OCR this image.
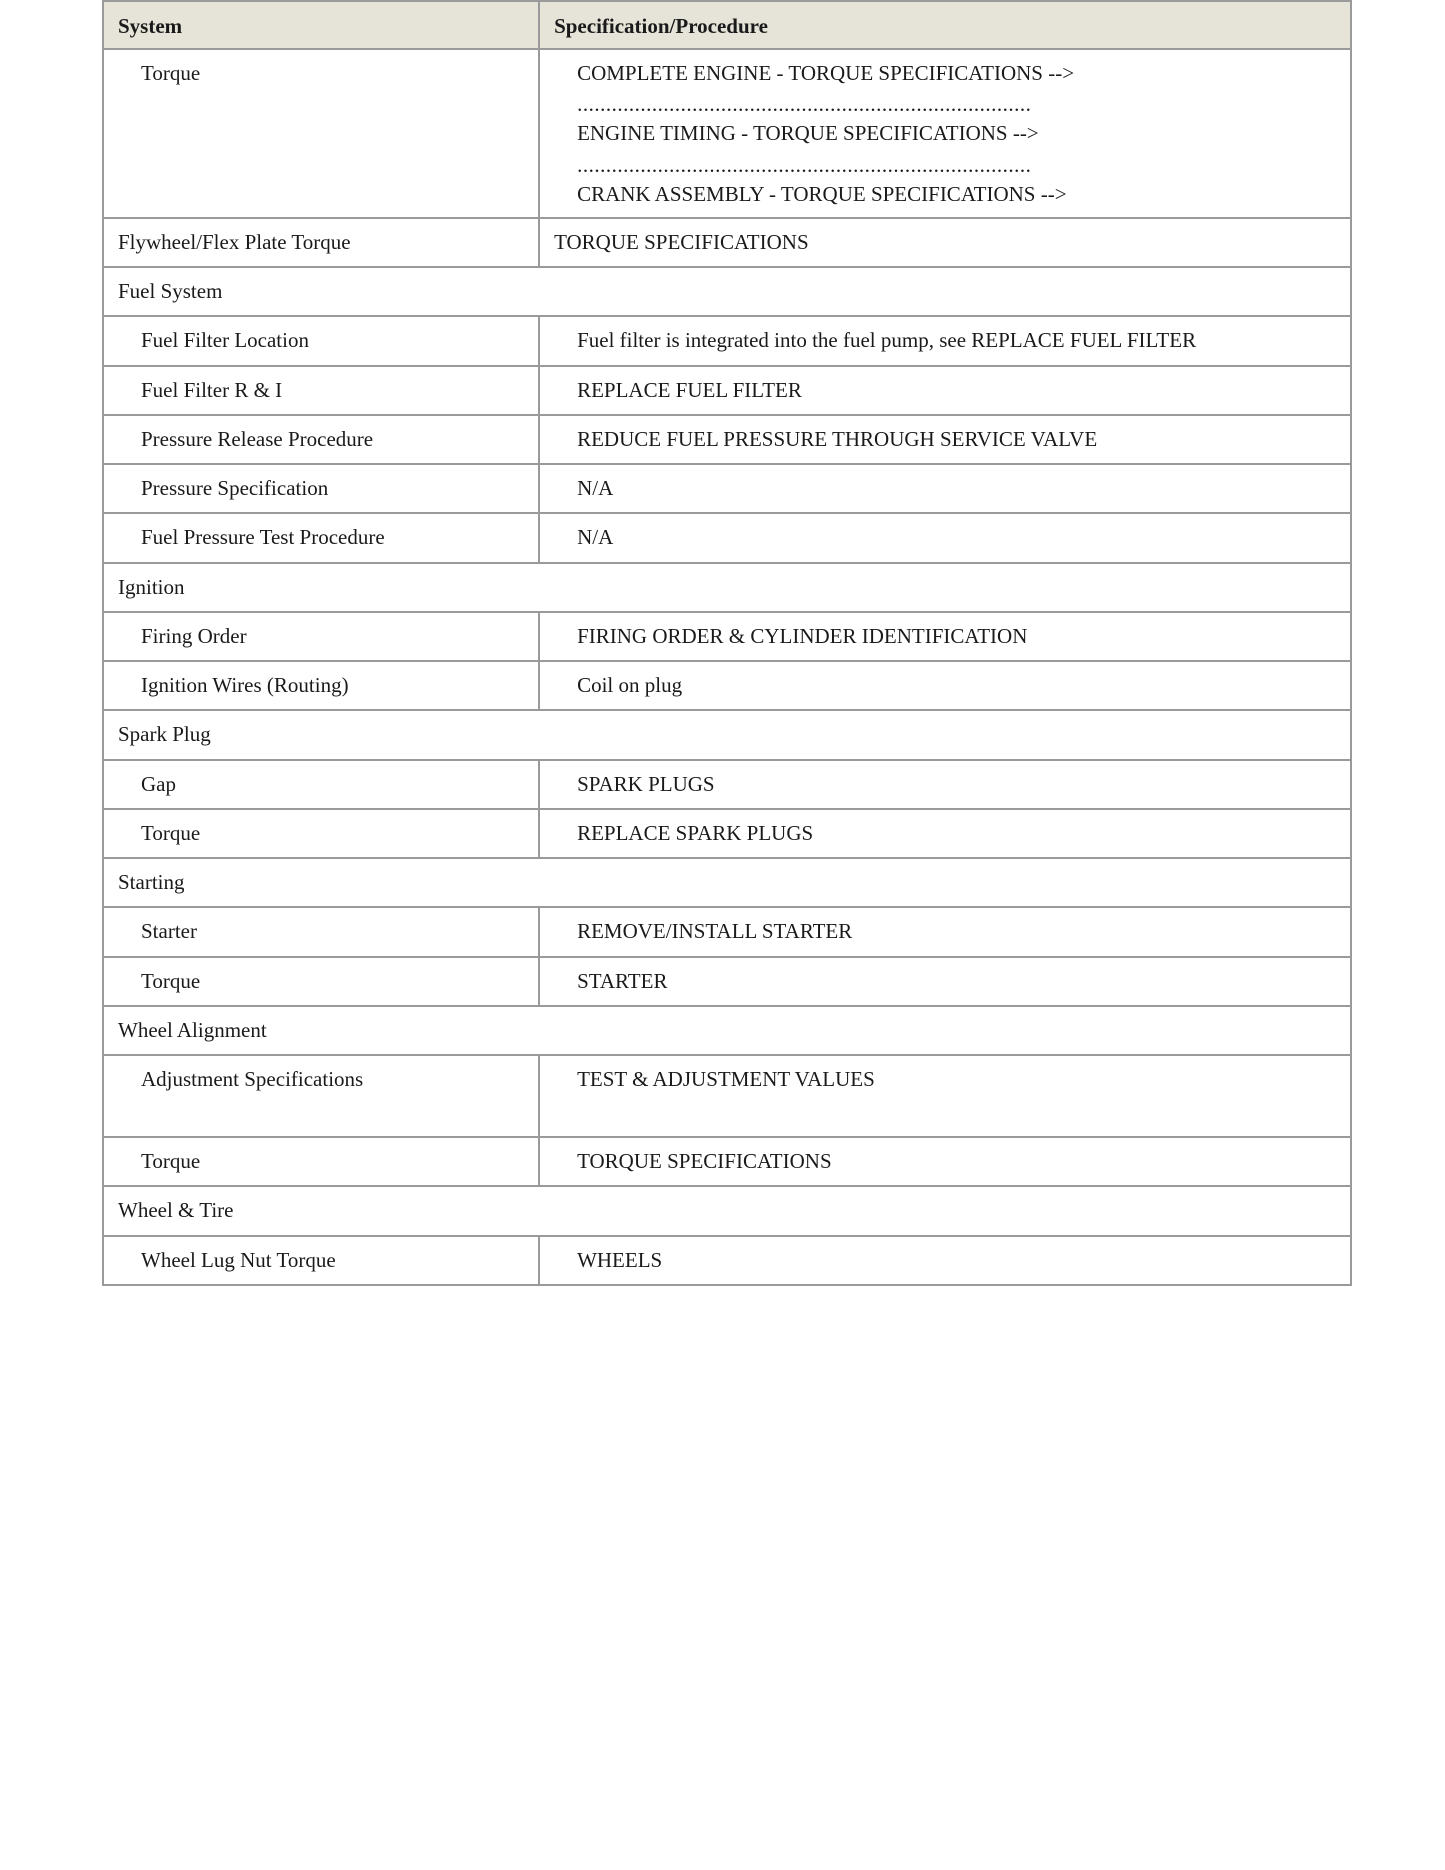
System	Specification/Procedure

Torque	COMPLETE ENGINE - TORQUE SPECIFICATIONS -->
...............................................................................
ENGINE TIMING - TORQUE SPECIFICATIONS -->
...............................................................................
CRANK ASSEMBLY - TORQUE SPECIFICATIONS -->

Flywheel/Flex Plate Torque	TORQUE SPECIFICATIONS

Fuel System	

Fuel Filter Location	Fuel filter is integrated into the fuel pump, see REPLACE FUEL FILTER

Fuel Filter R & I	REPLACE FUEL FILTER

Pressure Release Procedure	REDUCE FUEL PRESSURE THROUGH SERVICE VALVE

Pressure Specification	N/A

Fuel Pressure Test Procedure	N/A

Ignition	

Firing Order	FIRING ORDER & CYLINDER IDENTIFICATION

Ignition Wires (Routing)	Coil on plug

Spark Plug	

Gap	SPARK PLUGS

Torque	REPLACE SPARK PLUGS

Starting	

Starter	REMOVE/INSTALL STARTER

Torque	STARTER

Wheel Alignment	

Adjustment Specifications	TEST & ADJUSTMENT VALUES

Torque	TORQUE SPECIFICATIONS

Wheel & Tire	

Wheel Lug Nut Torque	WHEELS
